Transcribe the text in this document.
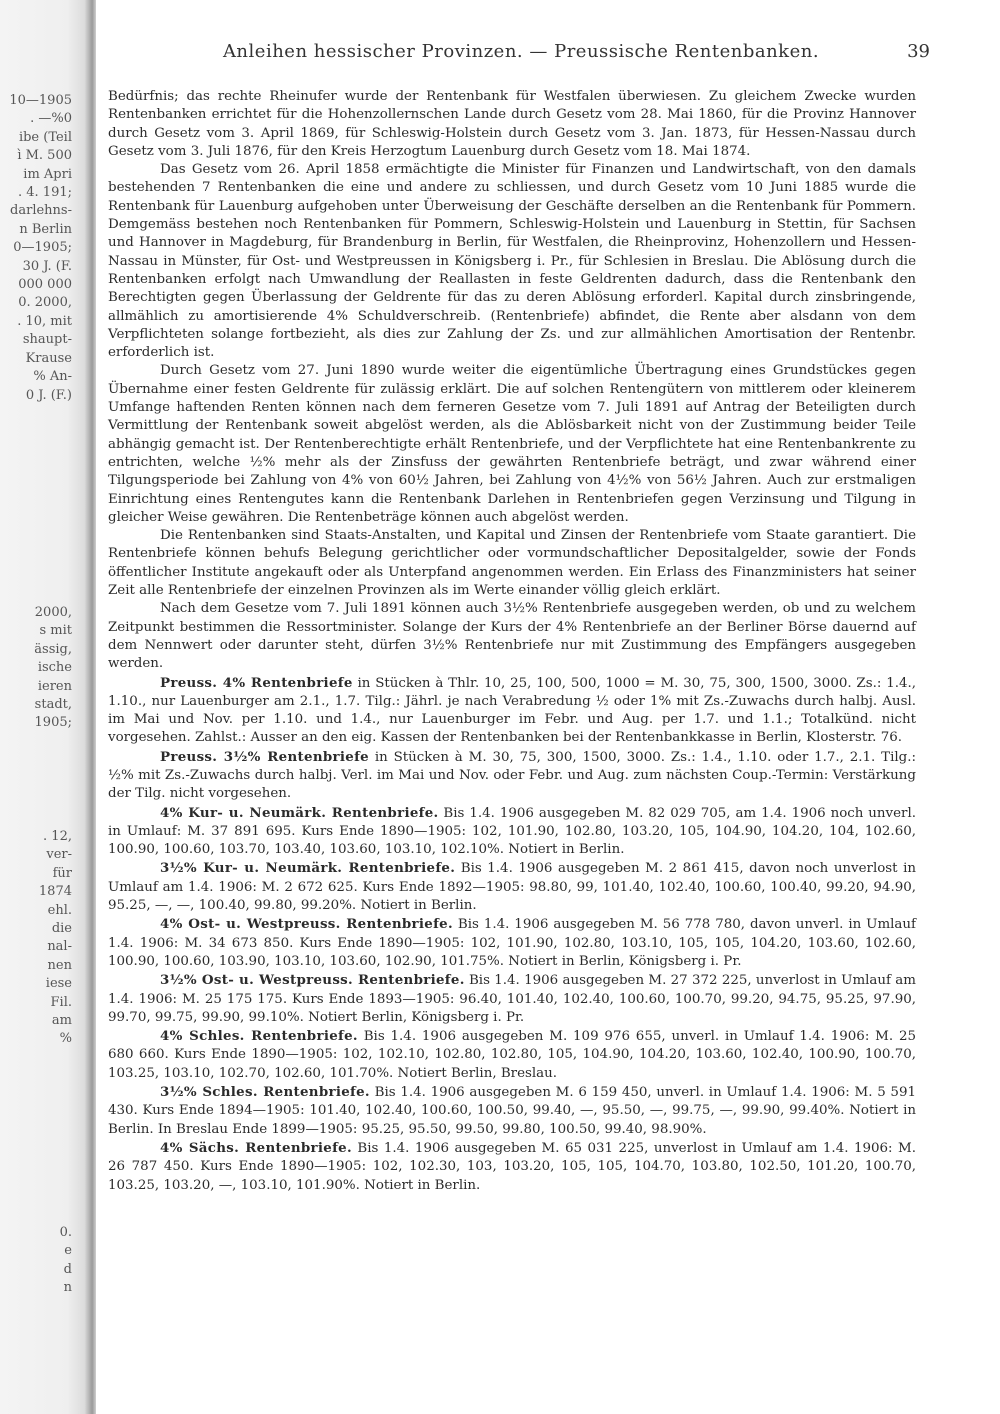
10—1905
. —%0
ibe (Teil
ì M. 500
im Apri
. 4. 191;
darlehns-
n Berlin
0—1905;
30 J. (F.
000 000
0. 2000,
. 10, mit
shaupt-
Krause
% An-
0 J. (F.)
2000,
s mit
ässig,
ische
ieren
stadt,
1905;
. 12,
ver-
für
1874
ehl.
die
nal-
nen
iese
Fil.
am
%
0.
e
d
n
Anleihen hessischer Provinzen. — Preussische Rentenbanken.	39

Bedürfnis; das rechte Rheinufer wurde der Rentenbank für Westfalen überwiesen. Zu gleichem Zwecke wurden Rentenbanken errichtet für die Hohenzollernschen Lande durch Gesetz vom 28. Mai 1860, für die Provinz Hannover durch Gesetz vom 3. April 1869, für Schleswig-Holstein durch Gesetz vom 3. Jan. 1873, für Hessen-Nassau durch Gesetz vom 3. Juli 1876, für den Kreis Herzogtum Lauenburg durch Gesetz vom 18. Mai 1874.

Das Gesetz vom 26. April 1858 ermächtigte die Minister für Finanzen und Landwirtschaft, von den damals bestehenden 7 Rentenbanken die eine und andere zu schliessen, und durch Gesetz vom 10 Juni 1885 wurde die Rentenbank für Lauenburg aufgehoben unter Überweisung der Geschäfte derselben an die Rentenbank für Pommern. Demgemäss bestehen noch Rentenbanken für Pommern, Schleswig-Holstein und Lauenburg in Stettin, für Sachsen und Hannover in Magdeburg, für Brandenburg in Berlin, für Westfalen, die Rheinprovinz, Hohenzollern und Hessen-Nassau in Münster, für Ost- und Westpreussen in Königsberg i. Pr., für Schlesien in Breslau. Die Ablösung durch die Rentenbanken erfolgt nach Umwandlung der Reallasten in feste Geldrenten dadurch, dass die Rentenbank den Berechtigten gegen Überlassung der Geldrente für das zu deren Ablösung erforderl. Kapital durch zinsbringende, allmählich zu amortisierende 4% Schuldverschreib. (Rentenbriefe) abfindet, die Rente aber alsdann von dem Verpflichteten solange fortbezieht, als dies zur Zahlung der Zs. und zur allmählichen Amortisation der Rentenbr. erforderlich ist.

Durch Gesetz vom 27. Juni 1890 wurde weiter die eigentümliche Übertragung eines Grundstückes gegen Übernahme einer festen Geldrente für zulässig erklärt. Die auf solchen Rentengütern von mittlerem oder kleinerem Umfange haftenden Renten können nach dem ferneren Gesetze vom 7. Juli 1891 auf Antrag der Beteiligten durch Vermittlung der Rentenbank soweit abgelöst werden, als die Ablösbarkeit nicht von der Zustimmung beider Teile abhängig gemacht ist. Der Rentenberechtigte erhält Rentenbriefe, und der Verpflichtete hat eine Rentenbankrente zu entrichten, welche ½% mehr als der Zinsfuss der gewährten Rentenbriefe beträgt, und zwar während einer Tilgungsperiode bei Zahlung von 4% von 60½ Jahren, bei Zahlung von 4½% von 56½ Jahren. Auch zur erstmaligen Einrichtung eines Rentengutes kann die Rentenbank Darlehen in Rentenbriefen gegen Verzinsung und Tilgung in gleicher Weise gewähren. Die Rentenbeträge können auch abgelöst werden.

Die Rentenbanken sind Staats-Anstalten, und Kapital und Zinsen der Rentenbriefe vom Staate garantiert. Die Rentenbriefe können behufs Belegung gerichtlicher oder vormundschaftlicher Depositalgelder, sowie der Fonds öffentlicher Institute angekauft oder als Unterpfand angenommen werden. Ein Erlass des Finanzministers hat seiner Zeit alle Rentenbriefe der einzelnen Provinzen als im Werte einander völlig gleich erklärt.

Nach dem Gesetze vom 7. Juli 1891 können auch 3½% Rentenbriefe ausgegeben werden, ob und zu welchem Zeitpunkt bestimmen die Ressortminister. Solange der Kurs der 4% Rentenbriefe an der Berliner Börse dauernd auf dem Nennwert oder darunter steht, dürfen 3½% Rentenbriefe nur mit Zustimmung des Empfängers ausgegeben werden.

Preuss. 4% Rentenbriefe in Stücken à Thlr. 10, 25, 100, 500, 1000 = M. 30, 75, 300, 1500, 3000. Zs.: 1.4., 1.10., nur Lauenburger am 2.1., 1.7. Tilg.: Jährl. je nach Verabredung ½ oder 1% mit Zs.-Zuwachs durch halbj. Ausl. im Mai und Nov. per 1.10. und 1.4., nur Lauenburger im Febr. und Aug. per 1.7. und 1.1.; Totalkünd. nicht vorgesehen. Zahlst.: Ausser an den eig. Kassen der Rentenbanken bei der Rentenbankkasse in Berlin, Klosterstr. 76.

Preuss. 3½% Rentenbriefe in Stücken à M. 30, 75, 300, 1500, 3000. Zs.: 1.4., 1.10. oder 1.7., 2.1. Tilg.: ½% mit Zs.-Zuwachs durch halbj. Verl. im Mai und Nov. oder Febr. und Aug. zum nächsten Coup.-Termin: Verstärkung der Tilg. nicht vorgesehen.

4% Kur- u. Neumärk. Rentenbriefe. Bis 1.4. 1906 ausgegeben M. 82 029 705, am 1.4. 1906 noch unverl. in Umlauf: M. 37 891 695. Kurs Ende 1890—1905: 102, 101.90, 102.80, 103.20, 105, 104.90, 104.20, 104, 102.60, 100.90, 100.60, 103.70, 103.40, 103.60, 103.10, 102.10%. Notiert in Berlin.

3½% Kur- u. Neumärk. Rentenbriefe. Bis 1.4. 1906 ausgegeben M. 2 861 415, davon noch unverlost in Umlauf am 1.4. 1906: M. 2 672 625. Kurs Ende 1892—1905: 98.80, 99, 101.40, 102.40, 100.60, 100.40, 99.20, 94.90, 95.25, —, —, 100.40, 99.80, 99.20%. Notiert in Berlin.

4% Ost- u. Westpreuss. Rentenbriefe. Bis 1.4. 1906 ausgegeben M. 56 778 780, davon unverl. in Umlauf 1.4. 1906: M. 34 673 850. Kurs Ende 1890—1905: 102, 101.90, 102.80, 103.10, 105, 105, 104.20, 103.60, 102.60, 100.90, 100.60, 103.90, 103.10, 103.60, 102.90, 101.75%. Notiert in Berlin, Königsberg i. Pr.

3½% Ost- u. Westpreuss. Rentenbriefe. Bis 1.4. 1906 ausgegeben M. 27 372 225, unverlost in Umlauf am 1.4. 1906: M. 25 175 175. Kurs Ende 1893—1905: 96.40, 101.40, 102.40, 100.60, 100.70, 99.20, 94.75, 95.25, 97.90, 99.70, 99.75, 99.90, 99.10%. Notiert Berlin, Königsberg i. Pr.

4% Schles. Rentenbriefe. Bis 1.4. 1906 ausgegeben M. 109 976 655, unverl. in Umlauf 1.4. 1906: M. 25 680 660. Kurs Ende 1890—1905: 102, 102.10, 102.80, 102.80, 105, 104.90, 104.20, 103.60, 102.40, 100.90, 100.70, 103.25, 103.10, 102.70, 102.60, 101.70%. Notiert Berlin, Breslau.

3½% Schles. Rentenbriefe. Bis 1.4. 1906 ausgegeben M. 6 159 450, unverl. in Umlauf 1.4. 1906: M. 5 591 430. Kurs Ende 1894—1905: 101.40, 102.40, 100.60, 100.50, 99.40, —, 95.50, —, 99.75, —, 99.90, 99.40%. Notiert in Berlin. In Breslau Ende 1899—1905: 95.25, 95.50, 99.50, 99.80, 100.50, 99.40, 98.90%.

4% Sächs. Rentenbriefe. Bis 1.4. 1906 ausgegeben M. 65 031 225, unverlost in Umlauf am 1.4. 1906: M. 26 787 450. Kurs Ende 1890—1905: 102, 102.30, 103, 103.20, 105, 105, 104.70, 103.80, 102.50, 101.20, 100.70, 103.25, 103.20, —, 103.10, 101.90%. Notiert in Berlin.
